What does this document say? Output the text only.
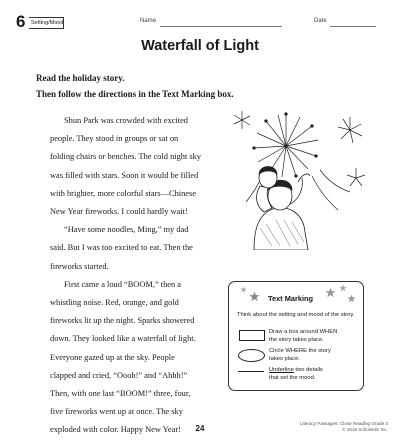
6	Setting/Mood	Name	Date
Waterfall of Light
Read the holiday story.
Then follow the directions in the Text Marking box.

Shun Park was crowded with excited
people. They stood in groups or sat on
folding chairs or benches. The cold night sky
was filled with stars. Soon it would be filled
with brighter, more colorful stars—Chinese
New Year fireworks. I could hardly wait!

“Have some noodles, Ming,” my dad
said. But I was too excited to eat. Then the
fireworks started.

First came a loud “BOOM,” then a
whistling noise. Red, orange, and gold
fireworks lit up the night. Sparks showered
down. They looked like a waterfall of light.
Everyone gazed up at the sky. People
clapped and cried, “Oooh!” and “Ahhh!”
Then, with one last “BOOM!” three, four,
five fireworks went up at once. The sky
exploded with color. Happy New Year!

Text Marking
Think about the setting and mood of the story.
Draw a box around WHEN
the story takes place.
Circle WHERE the story
takes place.
Underline two details
that set the mood.
24
Literacy Passages: Close Reading Grade 3
© 2016 Scholastic Inc.
